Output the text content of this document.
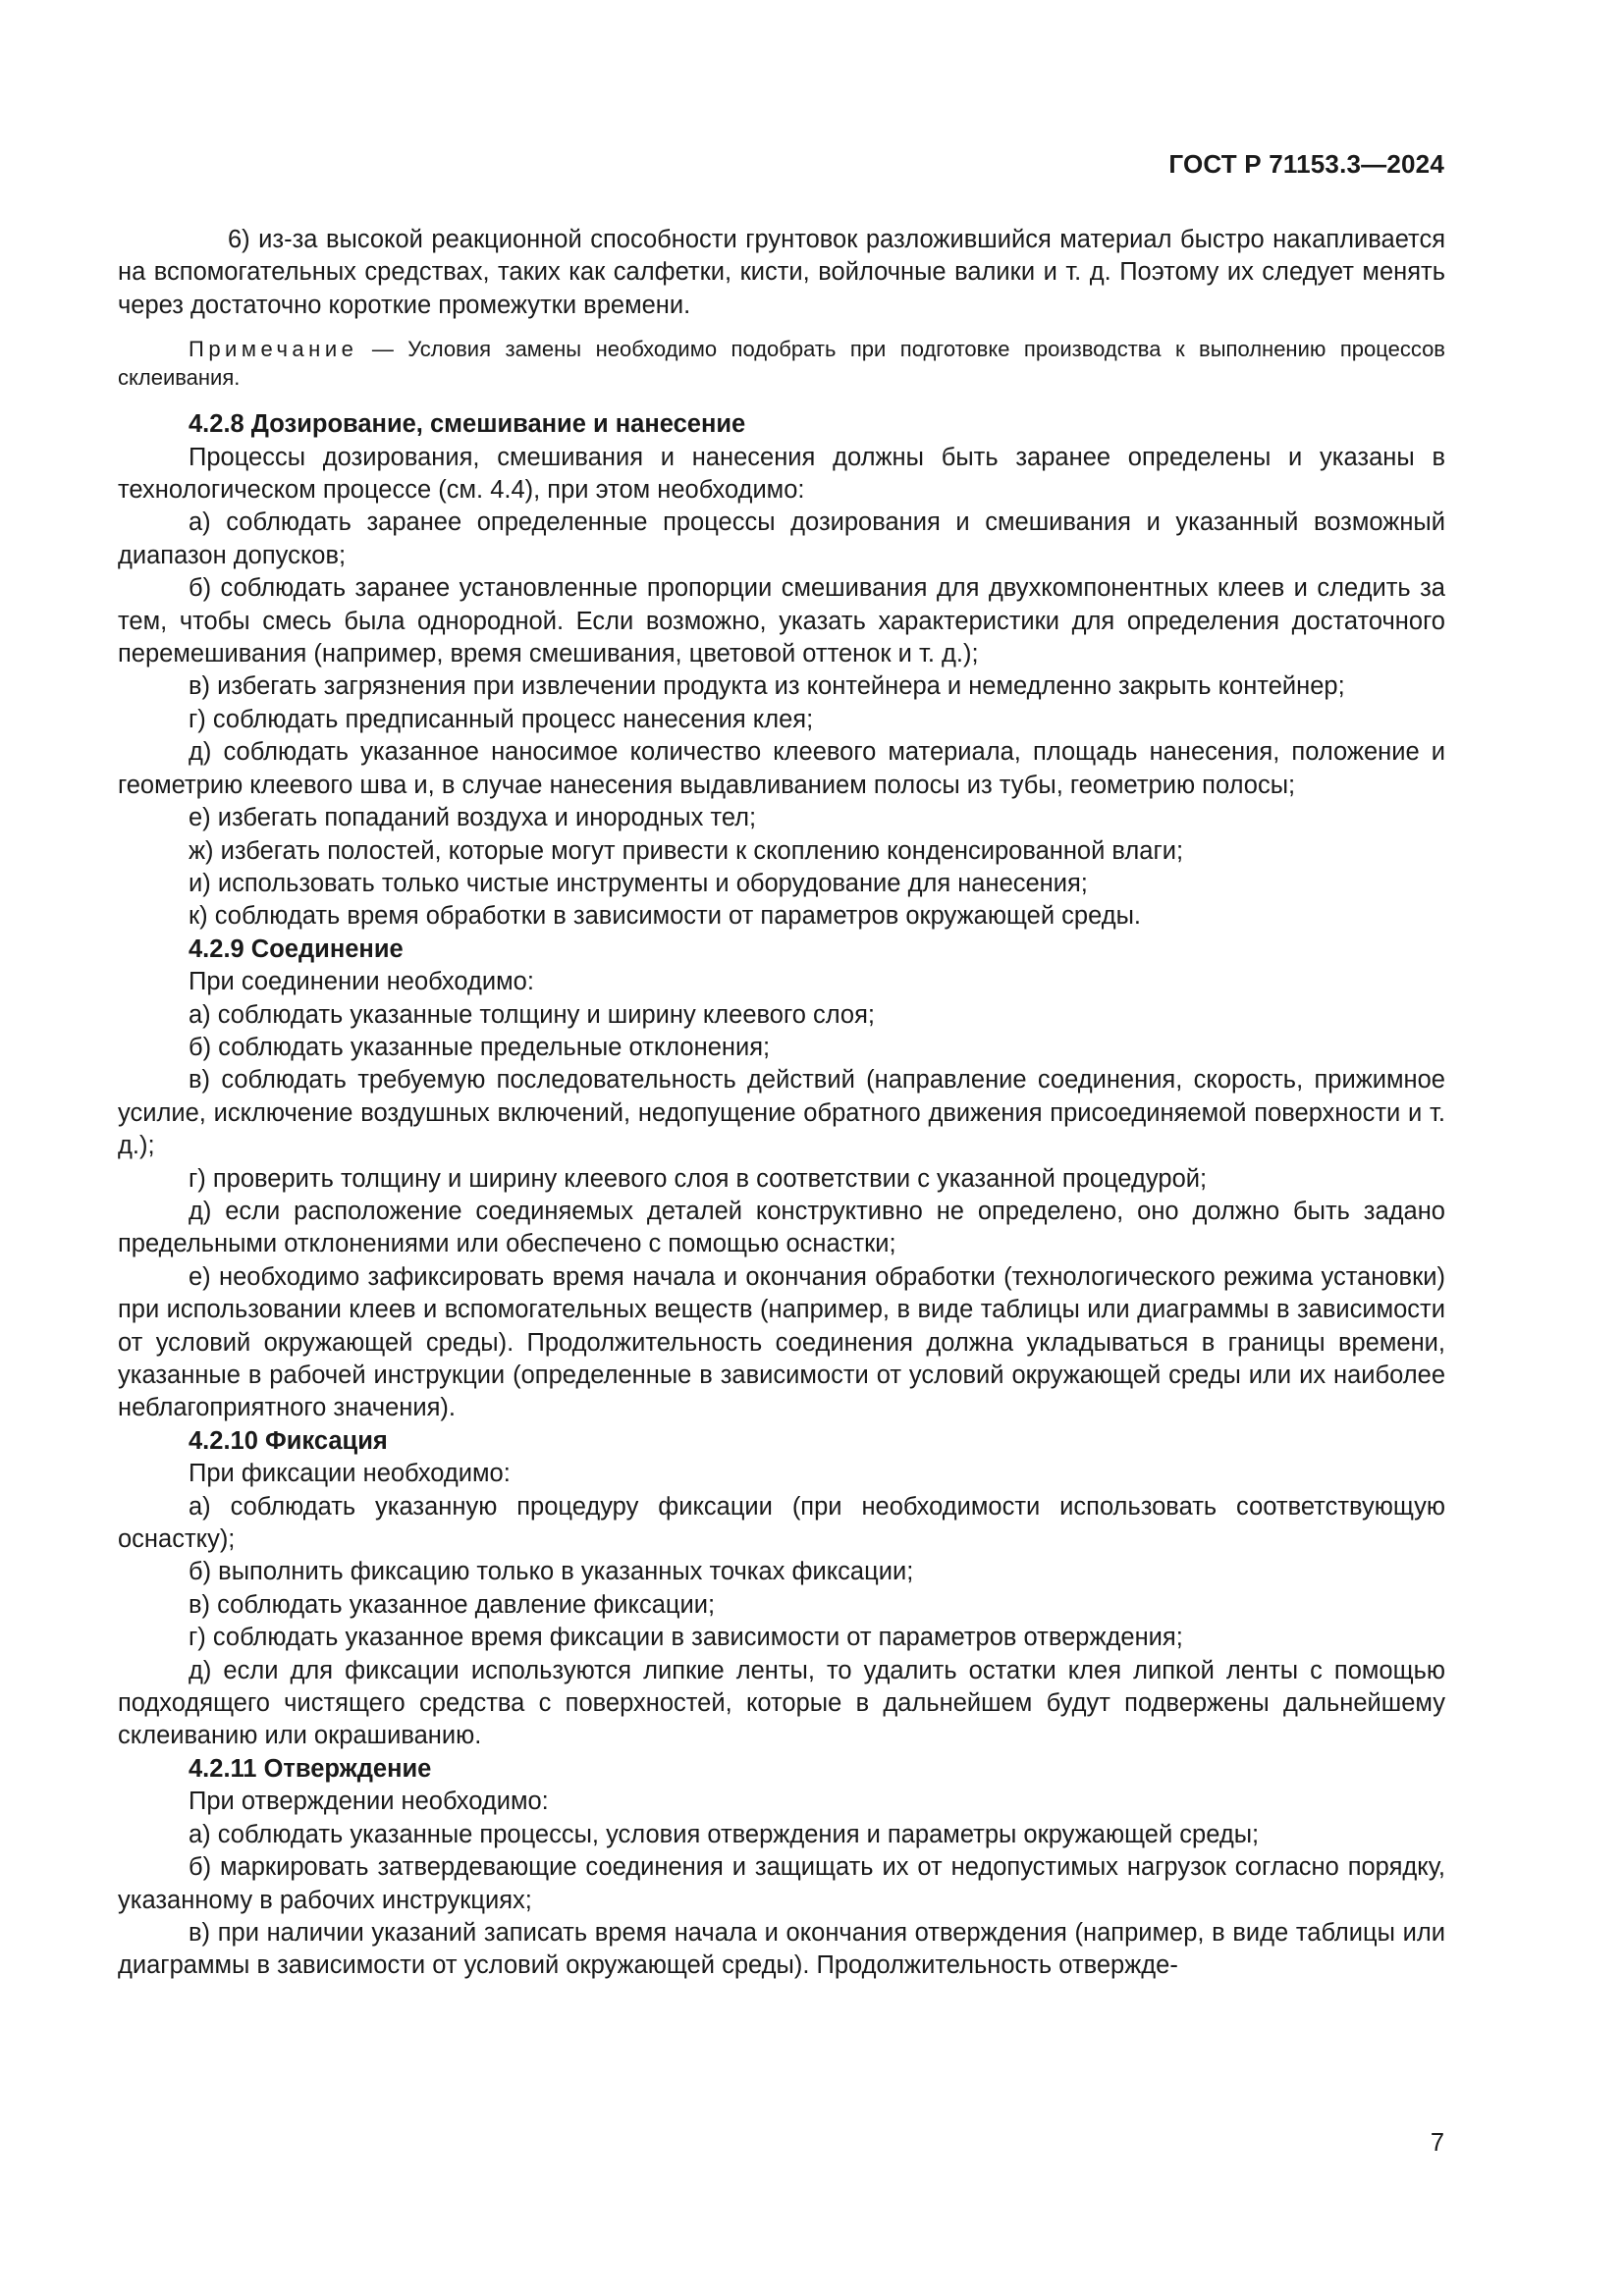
ГОСТ Р 71153.3—2024

6) из-за высокой реакционной способности грунтовок разложившийся материал быстро накапливается на вспомогательных средствах, таких как салфетки, кисти, войлочные валики и т. д. Поэтому их следует менять через достаточно короткие промежутки времени.

Примечание — Условия замены необходимо подобрать при подготовке производства к выполнению процессов склеивания.

4.2.8 Дозирование, смешивание и нанесение

Процессы дозирования, смешивания и нанесения должны быть заранее определены и указаны в технологическом процессе (см. 4.4), при этом необходимо:

а) соблюдать заранее определенные процессы дозирования и смешивания и указанный возможный диапазон допусков;

б) соблюдать заранее установленные пропорции смешивания для двухкомпонентных клеев и следить за тем, чтобы смесь была однородной. Если возможно, указать характеристики для определения достаточного перемешивания (например, время смешивания, цветовой оттенок и т. д.);

в) избегать загрязнения при извлечении продукта из контейнера и немедленно закрыть контейнер;

г) соблюдать предписанный процесс нанесения клея;

д) соблюдать указанное наносимое количество клеевого материала, площадь нанесения, положение и геометрию клеевого шва и, в случае нанесения выдавливанием полосы из тубы, геометрию полосы;

е) избегать попаданий воздуха и инородных тел;

ж) избегать полостей, которые могут привести к скоплению конденсированной влаги;

и) использовать только чистые инструменты и оборудование для нанесения;

к) соблюдать время обработки в зависимости от параметров окружающей среды.

4.2.9 Соединение

При соединении необходимо:

а) соблюдать указанные толщину и ширину клеевого слоя;

б) соблюдать указанные предельные отклонения;

в) соблюдать требуемую последовательность действий (направление соединения, скорость, прижимное усилие, исключение воздушных включений, недопущение обратного движения присоединяемой поверхности и т. д.);

г) проверить толщину и ширину клеевого слоя в соответствии с указанной процедурой;

д) если расположение соединяемых деталей конструктивно не определено, оно должно быть задано предельными отклонениями или обеспечено с помощью оснастки;

е) необходимо зафиксировать время начала и окончания обработки (технологического режима установки) при использовании клеев и вспомогательных веществ (например, в виде таблицы или диаграммы в зависимости от условий окружающей среды). Продолжительность соединения должна укладываться в границы времени, указанные в рабочей инструкции (определенные в зависимости от условий окружающей среды или их наиболее неблагоприятного значения).

4.2.10 Фиксация

При фиксации необходимо:

а) соблюдать указанную процедуру фиксации (при необходимости использовать соответствующую оснастку);

б) выполнить фиксацию только в указанных точках фиксации;

в) соблюдать указанное давление фиксации;

г) соблюдать указанное время фиксации в зависимости от параметров отверждения;

д) если для фиксации используются липкие ленты, то удалить остатки клея липкой ленты с помощью подходящего чистящего средства с поверхностей, которые в дальнейшем будут подвержены дальнейшему склеиванию или окрашиванию.

4.2.11 Отверждение

При отверждении необходимо:

а) соблюдать указанные процессы, условия отверждения и параметры окружающей среды;

б) маркировать затвердевающие соединения и защищать их от недопустимых нагрузок согласно порядку, указанному в рабочих инструкциях;

в) при наличии указаний записать время начала и окончания отверждения (например, в виде таблицы или диаграммы в зависимости от условий окружающей среды). Продолжительность отвержде-

7
